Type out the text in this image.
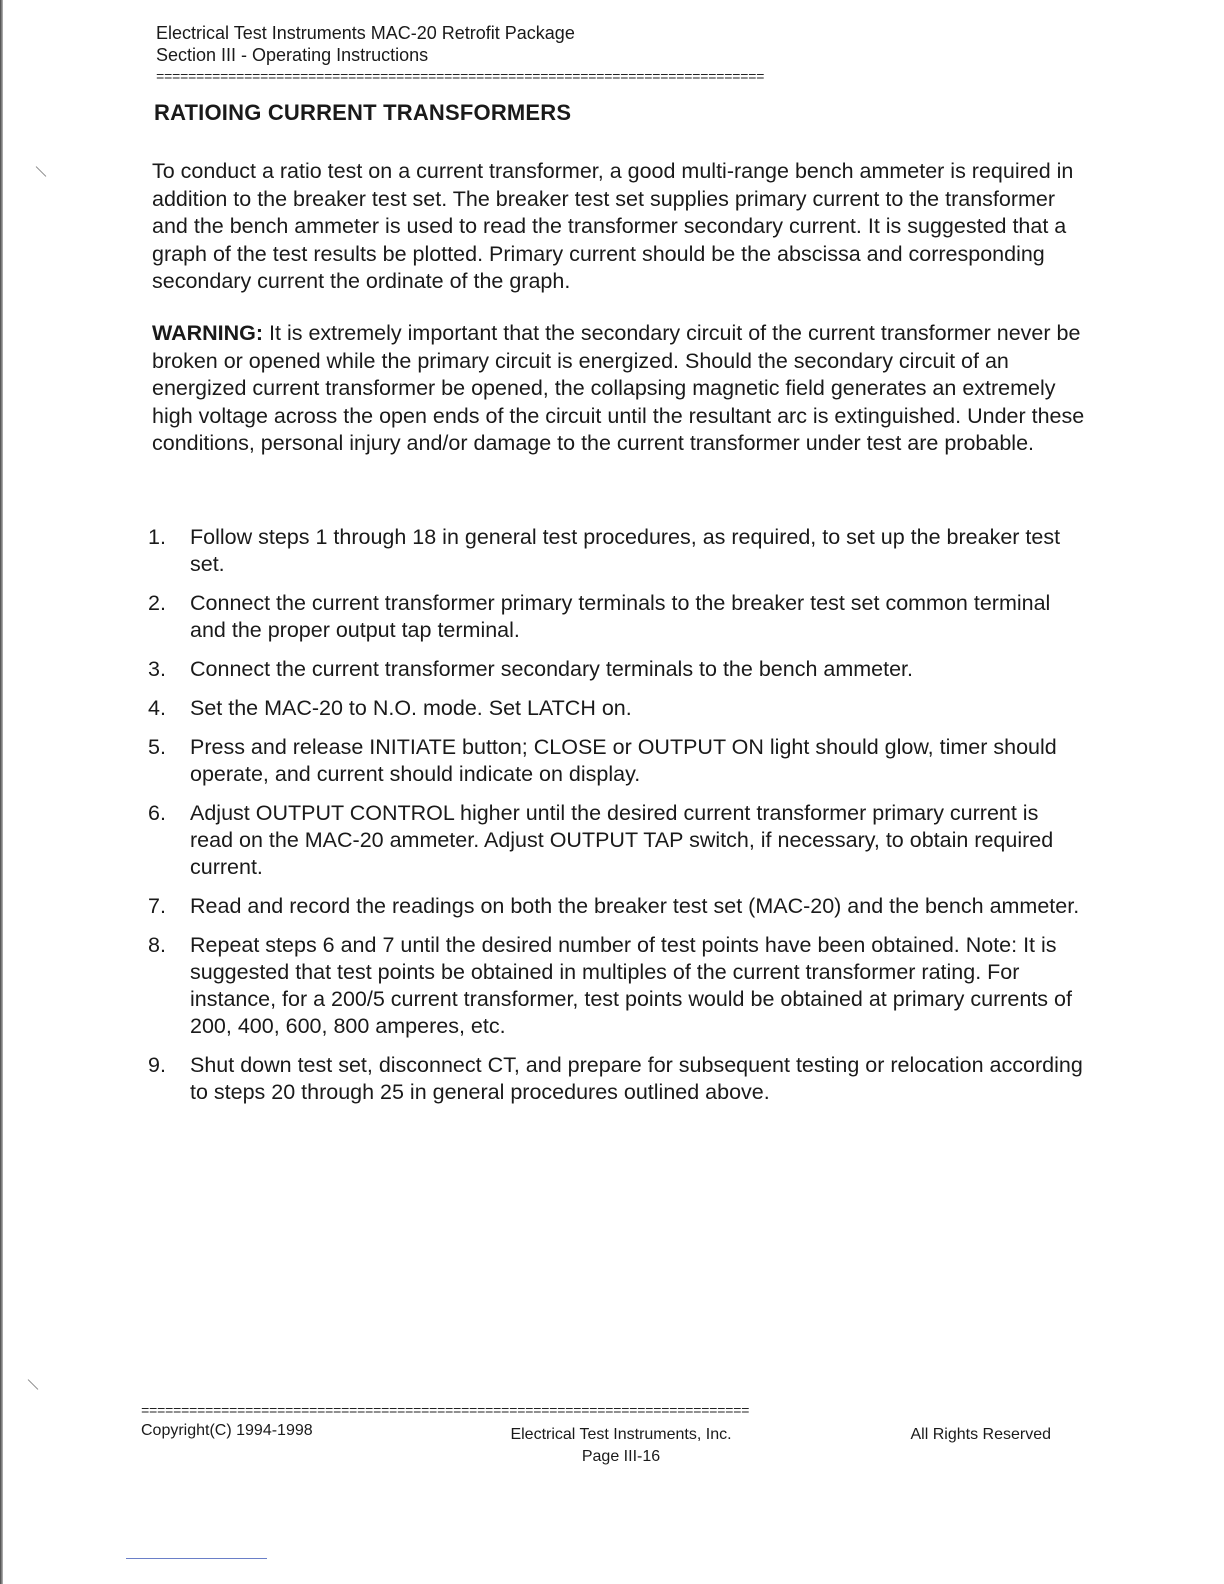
Electrical Test Instruments MAC-20 Retrofit Package
Section III - Operating Instructions
============================================================================
RATIOING CURRENT TRANSFORMERS
To conduct a ratio test on a current transformer, a good multi-range bench ammeter is required in addition to the breaker test set. The breaker test set supplies primary current to the transformer and the bench ammeter is used to read the transformer secondary current. It is suggested that a graph of the test results be plotted. Primary current should be the abscissa and corresponding secondary current the ordinate of the graph.
WARNING: It is extremely important that the secondary circuit of the current transformer never be broken or opened while the primary circuit is energized. Should the secondary circuit of an energized current transformer be opened, the collapsing magnetic field generates an extremely high voltage across the open ends of the circuit until the resultant arc is extinguished. Under these conditions, personal injury and/or damage to the current transformer under test are probable.
1. Follow steps 1 through 18 in general test procedures, as required, to set up the breaker test set.
2. Connect the current transformer primary terminals to the breaker test set common terminal and the proper output tap terminal.
3. Connect the current transformer secondary terminals to the bench ammeter.
4. Set the MAC-20 to N.O. mode. Set LATCH on.
5. Press and release INITIATE button; CLOSE or OUTPUT ON light should glow, timer should operate, and current should indicate on display.
6. Adjust OUTPUT CONTROL higher until the desired current transformer primary current is read on the MAC-20 ammeter. Adjust OUTPUT TAP switch, if necessary, to obtain required current.
7. Read and record the readings on both the breaker test set (MAC-20) and the bench ammeter.
8. Repeat steps 6 and 7 until the desired number of test points have been obtained. Note: It is suggested that test points be obtained in multiples of the current transformer rating. For instance, for a 200/5 current transformer, test points would be obtained at primary currents of 200, 400, 600, 800 amperes, etc.
9. Shut down test set, disconnect CT, and prepare for subsequent testing or relocation according to steps 20 through 25 in general procedures outlined above.
============================================================================
Copyright(C) 1994-1998	Electrical Test Instruments, Inc.
Page III-16
All Rights Reserved
